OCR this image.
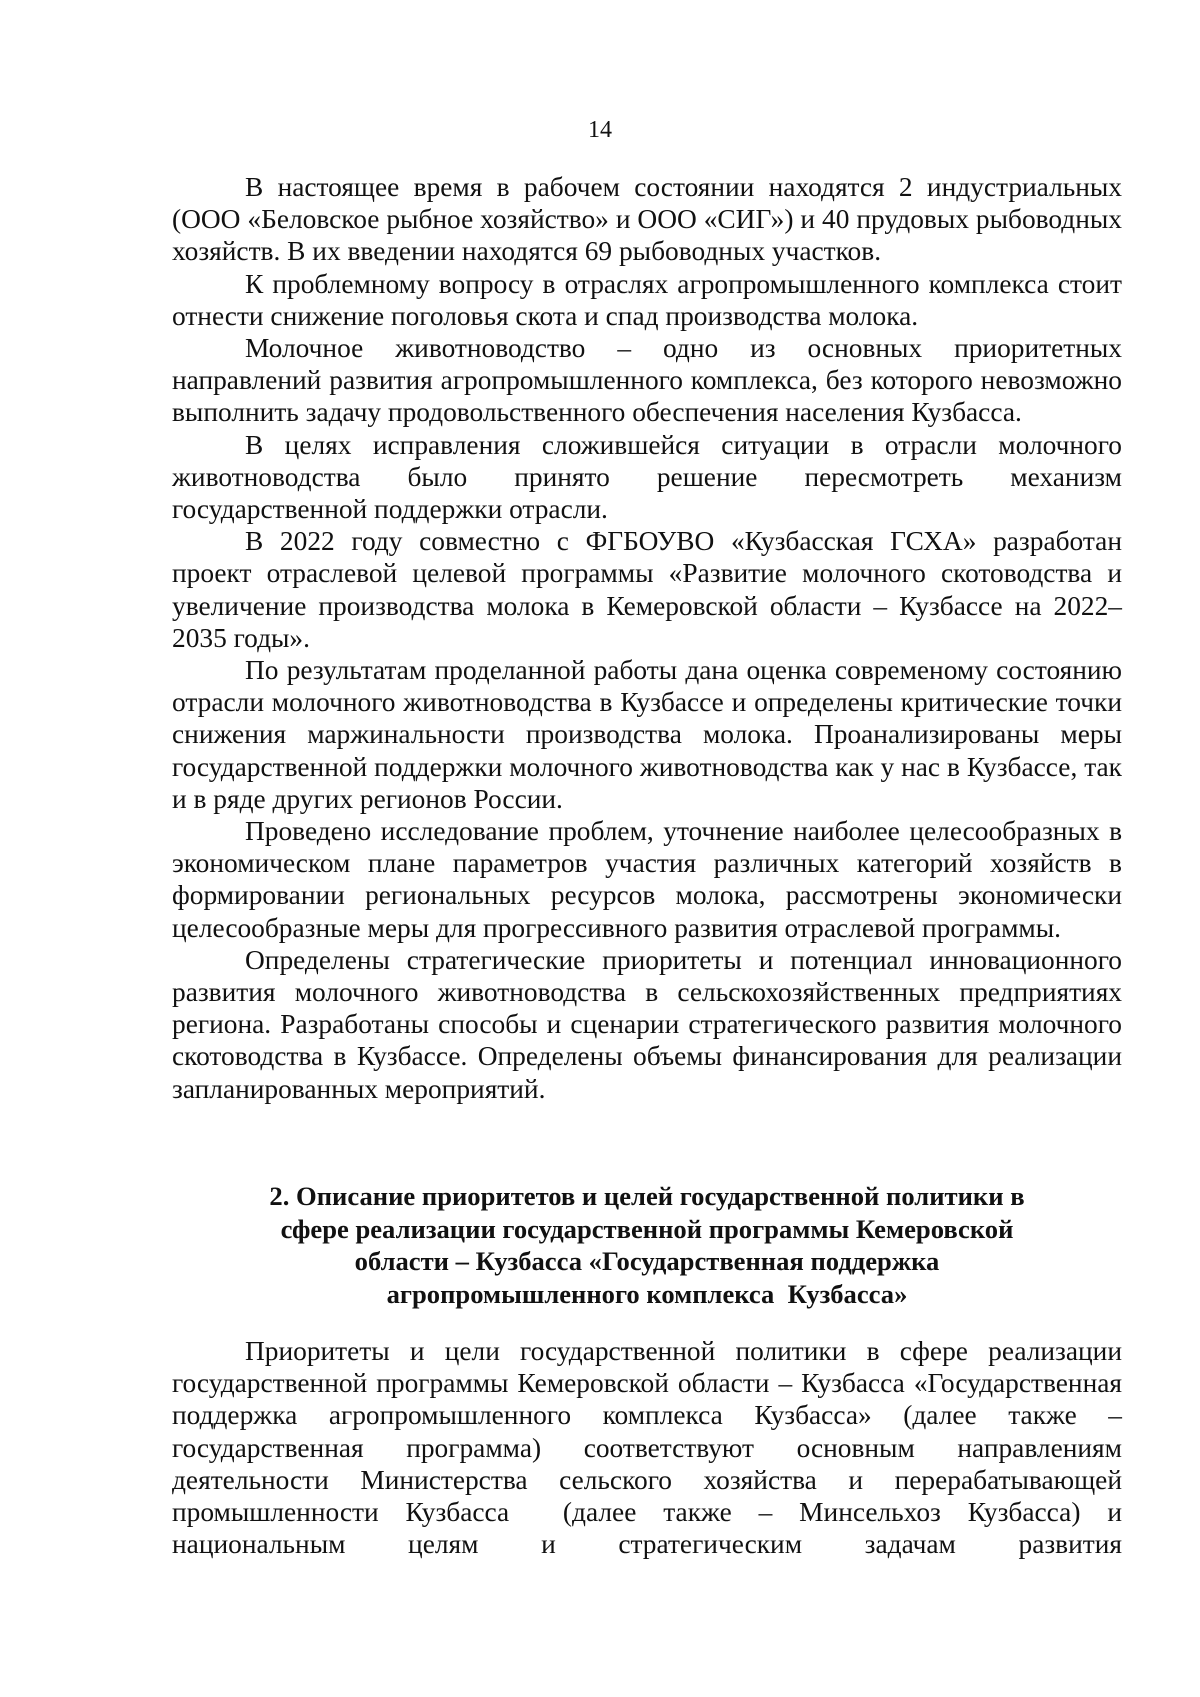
14

В настоящее время в рабочем состоянии находятся 2 индустриальных (ООО «Беловское рыбное хозяйство» и ООО «СИГ») и 40 прудовых рыбоводных хозяйств. В их введении находятся 69 рыбоводных участков.

К проблемному вопросу в отраслях агропромышленного комплекса стоит отнести снижение поголовья скота и спад производства молока.

Молочное животноводство – одно из основных приоритетных направлений развития агропромышленного комплекса, без которого невозможно выполнить задачу продовольственного обеспечения населения Кузбасса.

В целях исправления сложившейся ситуации в отрасли молочного животноводства было принято решение пересмотреть механизм государственной поддержки отрасли.

В 2022 году совместно с ФГБОУВО «Кузбасская ГСХА» разработан проект отраслевой целевой программы «Развитие молочного скотоводства и увеличение производства молока в Кемеровской области – Кузбассе на 2022–2035 годы».

По результатам проделанной работы дана оценка современому состоянию отрасли молочного животноводства в Кузбассе и определены критические точки снижения маржинальности производства молока. Проанализированы меры государственной поддержки молочного животноводства как у нас в Кузбассе, так и в ряде других регионов России.

Проведено исследование проблем, уточнение наиболее целесообразных в экономическом плане параметров участия различных категорий хозяйств в формировании региональных ресурсов молока, рассмотрены экономически целесообразные меры для прогрессивного развития отраслевой программы.

Определены стратегические приоритеты и потенциал инновационного развития молочного животноводства в сельскохозяйственных предприятиях региона. Разработаны способы и сценарии стратегического развития молочного скотоводства в Кузбассе. Определены объемы финансирования для реализации запланированных мероприятий.

2. Описание приоритетов и целей государственной политики в
сфере реализации государственной программы Кемеровской
области – Кузбасса «Государственная поддержка
агропромышленного комплекса  Кузбасса»

Приоритеты и цели государственной политики в сфере реализации государственной программы Кемеровской области – Кузбасса «Государственная поддержка агропромышленного комплекса Кузбасса» (далее также – государственная программа) соответствуют основным направлениям деятельности Министерства сельского хозяйства и перерабатывающей промышленности Кузбасса  (далее также – Минсельхоз Кузбасса) и  национальным целям и стратегическим задачам развития
